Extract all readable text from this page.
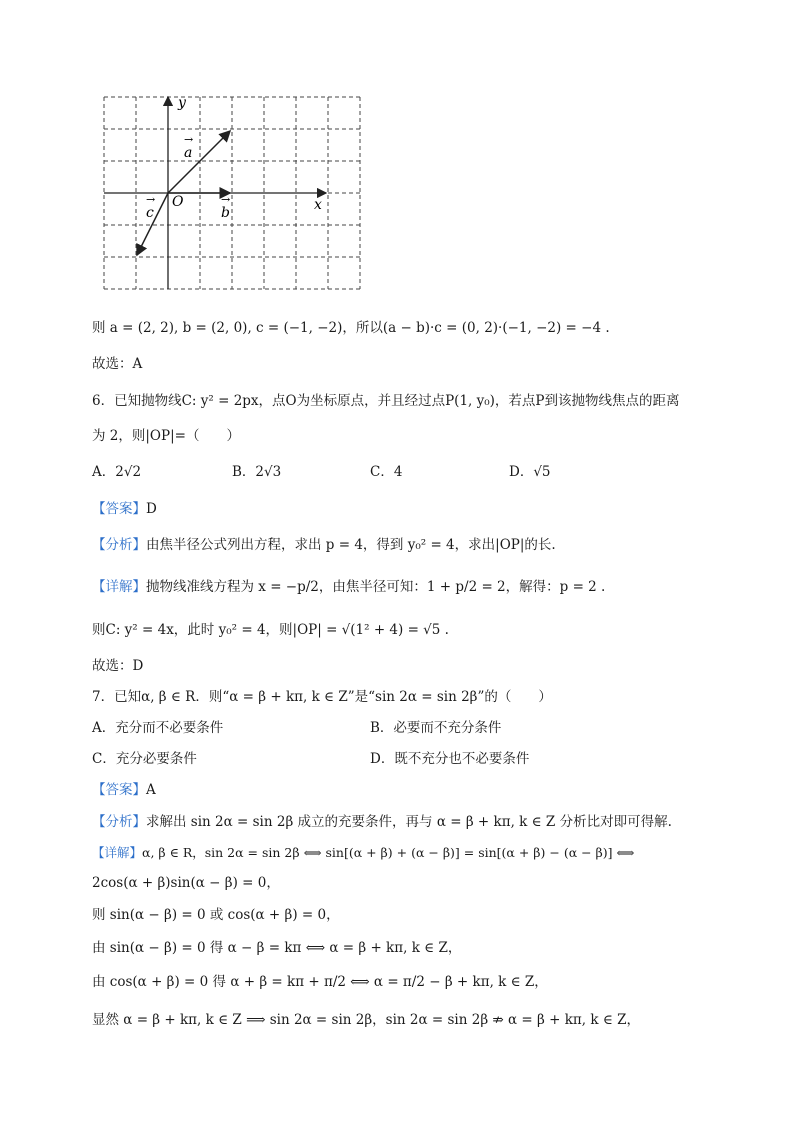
y
x
O
a
→
b
→
c
→
则 a = (2, 2), b = (2, 0), c = (−1, −2)，所以(a − b)·c = (0, 2)·(−1, −2) = −4 .
故选：A
6．已知抛物线C: y² = 2px，点O为坐标原点，并且经过点P(1, y₀)，若点P到该抛物线焦点的距离
为 2，则|OP|=（　　）
A．2√2	B．2√3	C．4	D．√5
【答案】D
【分析】由焦半径公式列出方程，求出 p = 4，得到 y₀² = 4，求出|OP|的长.
【详解】抛物线准线方程为 x = −p/2，由焦半径可知：1 + p/2 = 2，解得：p = 2 .
则C: y² = 4x，此时 y₀² = 4，则|OP| = √(1² + 4) = √5 .
故选：D
7．已知α, β ∈ R．则“α = β + kπ, k ∈ Z”是“sin 2α = sin 2β”的（　　）
A．充分而不必要条件	B．必要而不充分条件
C．充分必要条件	D．既不充分也不必要条件
【答案】A
【分析】求解出 sin 2α = sin 2β 成立的充要条件，再与 α = β + kπ, k ∈ Z 分析比对即可得解.
【详解】α, β ∈ R，sin 2α = sin 2β ⟺ sin[(α + β) + (α − β)] = sin[(α + β) − (α − β)] ⟺
2cos(α + β)sin(α − β) = 0，
则 sin(α − β) = 0 或 cos(α + β) = 0，
由 sin(α − β) = 0 得 α − β = kπ ⟺ α = β + kπ, k ∈ Z，
由 cos(α + β) = 0 得 α + β = kπ + π/2 ⟺ α = π/2 − β + kπ, k ∈ Z，
显然 α = β + kπ, k ∈ Z ⟹ sin 2α = sin 2β，sin 2α = sin 2β ⇏ α = β + kπ, k ∈ Z，
